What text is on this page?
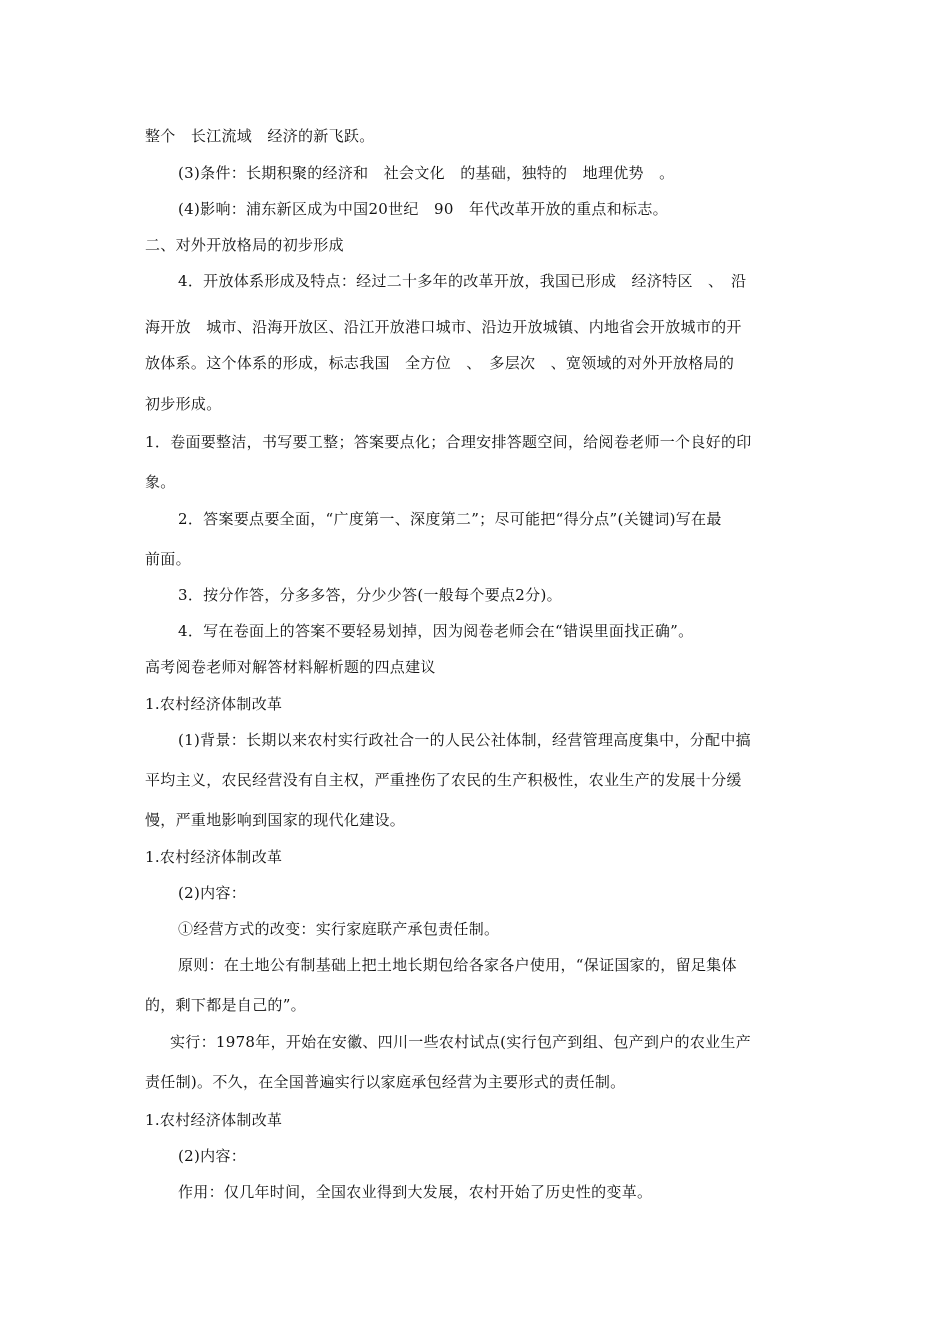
整个　长江流域　经济的新飞跃。
(3)条件：长期积聚的经济和　社会文化　的基础，独特的　地理优势　。
(4)影响：浦东新区成为中国20世纪　90　年代改革开放的重点和标志。
二、对外开放格局的初步形成
4．开放体系形成及特点：经过二十多年的改革开放，我国已形成　经济特区　、　沿
海开放　城市、沿海开放区、沿江开放港口城市、沿边开放城镇、内地省会开放城市的开
放体系。这个体系的形成，标志我国　全方位　、　多层次　、宽领域的对外开放格局的
初步形成。
1．卷面要整洁，书写要工整；答案要点化；合理安排答题空间，给阅卷老师一个良好的印
象。
2．答案要点要全面，“广度第一、深度第二”；尽可能把“得分点”(关键词)写在最
前面。
3．按分作答，分多多答，分少少答(一般每个要点2分)。
4．写在卷面上的答案不要轻易划掉，因为阅卷老师会在“错误里面找正确”。
高考阅卷老师对解答材料解析题的四点建议
1.农村经济体制改革
(1)背景：长期以来农村实行政社合一的人民公社体制，经营管理高度集中，分配中搞
平均主义，农民经营没有自主权，严重挫伤了农民的生产积极性，农业生产的发展十分缓
慢，严重地影响到国家的现代化建设。
1.农村经济体制改革
(2)内容：
①经营方式的改变：实行家庭联产承包责任制。
原则：在土地公有制基础上把土地长期包给各家各户使用，“保证国家的，留足集体
的，剩下都是自己的”。
实行：1978年，开始在安徽、四川一些农村试点(实行包产到组、包产到户的农业生产
责任制)。不久，在全国普遍实行以家庭承包经营为主要形式的责任制。
1.农村经济体制改革
(2)内容：
作用：仅几年时间，全国农业得到大发展，农村开始了历史性的变革。
